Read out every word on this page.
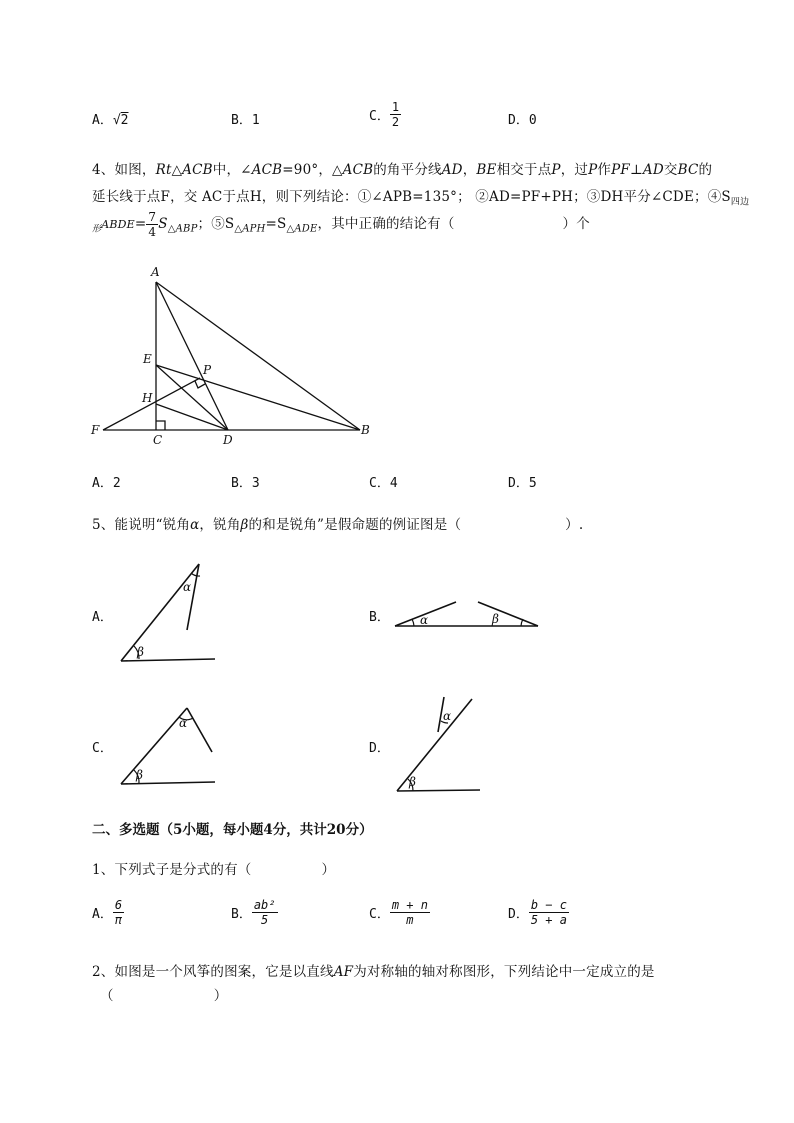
A．√2	B．1	C． $\frac{1}{2}$	D．0
4、如图，Rt△ACB中，∠ACB=90°，△ACB的角平分线AD，BE相交于点P，过P作PF⊥AD交BC的
延长线于点F，交 AC于点H，则下列结论：①∠APB=135°； ②AD=PF+PH；③DH平分∠CDE；$④S_{四边}$
$_形$ABDE= $\frac{7}{4} S_{\triangle ABP}$；$⑤S_{\triangle APH}=S_{\triangle ADE}$，其中正确的结论有（	）个
A
E
P
H
F
C	D
B
A．2	B．3	C．4	D．5
5、能说明“锐角α，锐角β的和是锐角”是假命题的例证图是（	）.
A．
β
α
B．	α	β
C．
β
α
D．
β
α
二、多选题（5小题，每小题4分，共计20分）
1、下列式子是分式的有（	）
A． $\frac{6}{\pi}$	B． $\frac{\text{ab²}}{5}$	C． $\frac{m + n}{m}$	D． $\frac{b - c}{5 + a}$
2、如图是一个风筝的图案，它是以直线AF为对称轴的轴对称图形，下列结论中一定成立的是
（	）
